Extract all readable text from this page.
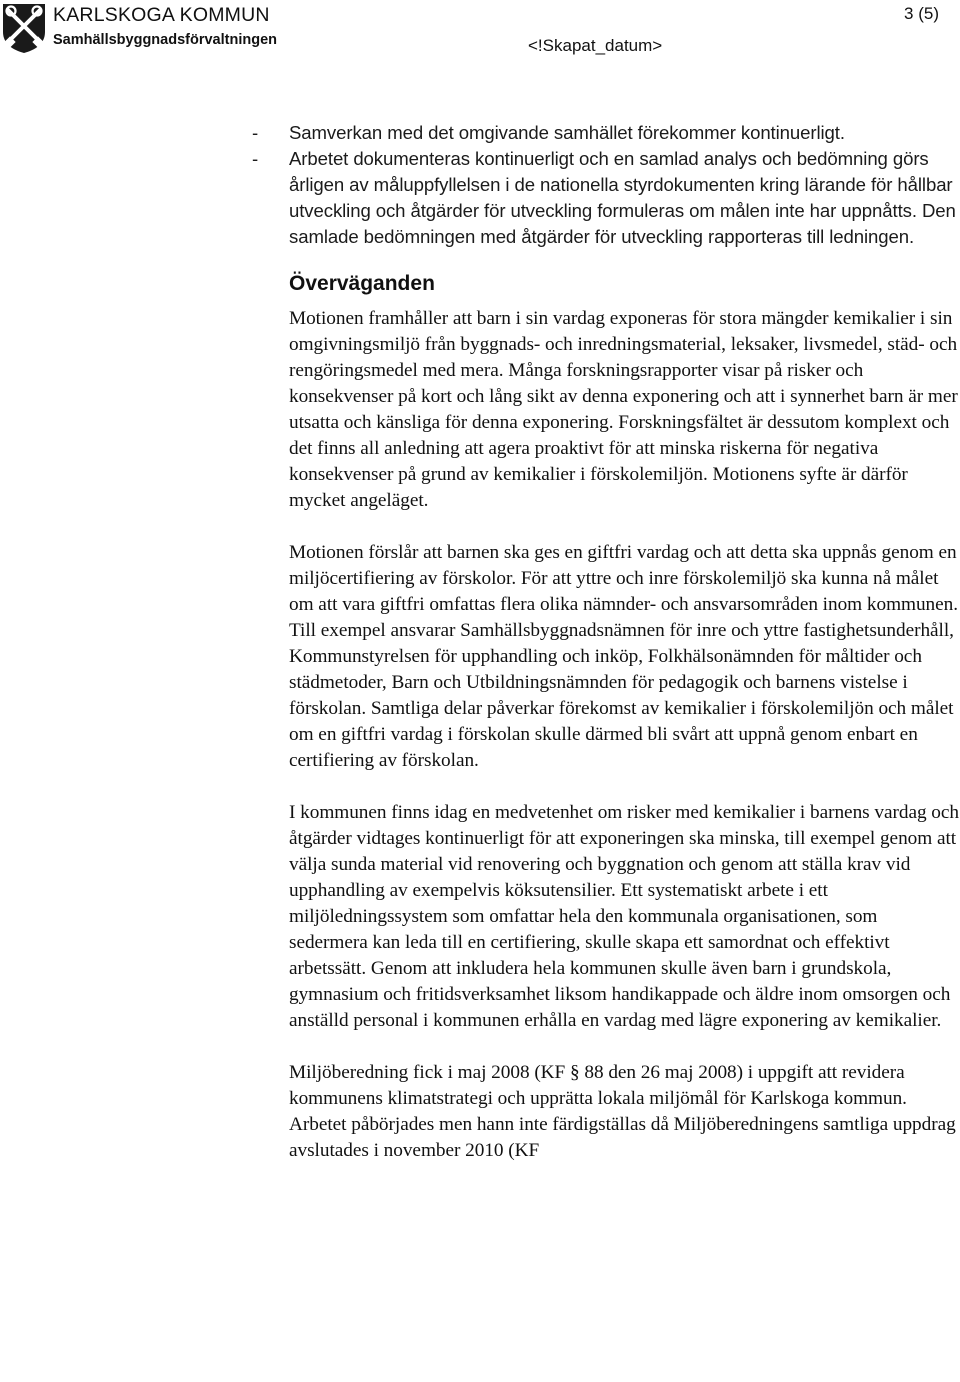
KARLSKOGA KOMMUN
Samhällsbyggnadsförvaltningen
3 (5)
<!Skapat_datum>
- Samverkan med det omgivande samhället förekommer kontinuerligt.
- Arbetet dokumenteras kontinuerligt och en samlad analys och bedömning görs årligen av måluppfyllelsen i de nationella styrdokumenten kring lärande för hållbar utveckling och åtgärder för utveckling formuleras om målen inte har uppnåtts. Den samlade bedömningen med åtgärder för utveckling rapporteras till ledningen.
Överväganden

Motionen framhåller att barn i sin vardag exponeras för stora mängder kemikalier i sin omgivningsmiljö från byggnads- och inredningsmaterial, leksaker, livsmedel, städ- och rengöringsmedel med mera. Många forskningsrapporter visar på risker och konsekvenser på kort och lång sikt av denna exponering och att i synnerhet barn är mer utsatta och känsliga för denna exponering. Forskningsfältet är dessutom komplext och det finns all anledning att agera proaktivt för att minska riskerna för negativa konsekvenser på grund av kemikalier i förskolemiljön. Motionens syfte är därför mycket angeläget.

Motionen förslår att barnen ska ges en giftfri vardag och att detta ska uppnås genom en miljöcertifiering av förskolor. För att yttre och inre förskolemiljö ska kunna nå målet om att vara giftfri omfattas flera olika nämnder- och ansvarsområden inom kommunen. Till exempel ansvarar Samhällsbyggnadsnämnen för inre och yttre fastighetsunderhåll, Kommunstyrelsen för upphandling och inköp, Folkhälsonämnden för måltider och städmetoder, Barn och Utbildningsnämnden för pedagogik och barnens vistelse i förskolan. Samtliga delar påverkar förekomst av kemikalier i förskolemiljön och målet om en giftfri vardag i förskolan skulle därmed bli svårt att uppnå genom enbart en certifiering av förskolan.

I kommunen finns idag en medvetenhet om risker med kemikalier i barnens vardag och åtgärder vidtages kontinuerligt för att exponeringen ska minska, till exempel genom att välja sunda material vid renovering och byggnation och genom att ställa krav vid upphandling av exempelvis köksutensilier. Ett systematiskt arbete i ett miljöledningssystem som omfattar hela den kommunala organisationen, som sedermera kan leda till en certifiering, skulle skapa ett samordnat och effektivt arbetssätt. Genom att inkludera hela kommunen skulle även barn i grundskola, gymnasium och fritidsverksamhet liksom handikappade och äldre inom omsorgen och anställd personal i kommunen erhålla en vardag med lägre exponering av kemikalier.

Miljöberedning fick i maj 2008 (KF § 88 den 26 maj 2008) i uppgift att revidera kommunens klimatstrategi och upprätta lokala miljömål för Karlskoga kommun. Arbetet påbörjades men hann inte färdigställas då Miljöberedningens samtliga uppdrag avslutades i november 2010 (KF
